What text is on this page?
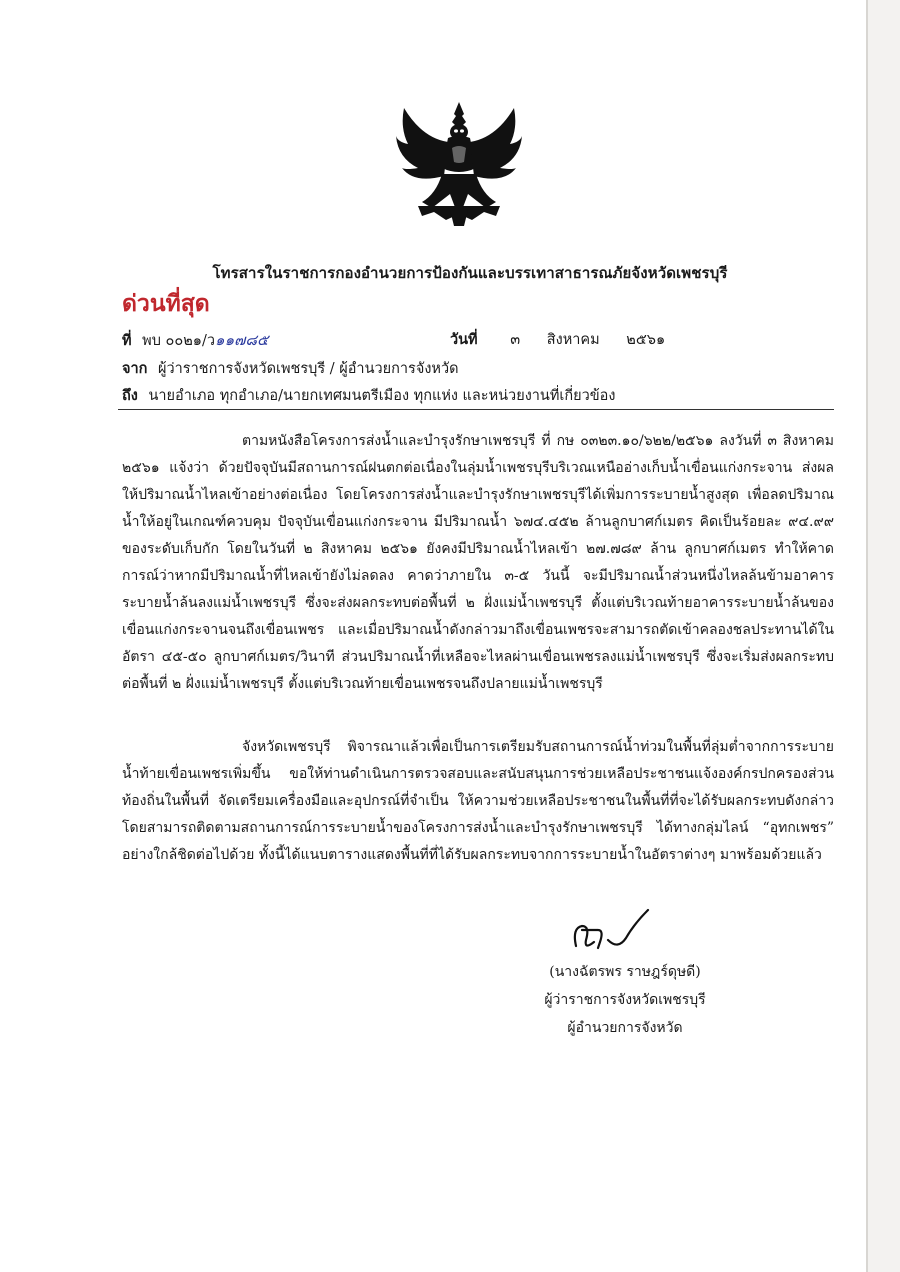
โทรสารในราชการกองอำนวยการป้องกันและบรรเทาสาธารณภัยจังหวัดเพชรบุรี
ด่วนที่สุด
ที่ พบ ๐๐๒๑/ว๑๑๗๘๕	วันที่ ๓ สิงหาคม ๒๕๖๑
จาก ผู้ว่าราชการจังหวัดเพชรบุรี / ผู้อำนวยการจังหวัด
ถึง นายอำเภอ ทุกอำเภอ/นายกเทศมนตรีเมือง ทุกแห่ง และหน่วยงานที่เกี่ยวข้อง

ตามหนังสือโครงการส่งน้ำและบำรุงรักษาเพชรบุรี ที่ กษ ๐๓๒๓.๑๐/๖๒๒/๒๕๖๑ ลงวันที่ ๓ สิงหาคม ๒๕๖๑ แจ้งว่า ด้วยปัจจุบันมีสถานการณ์ฝนตกต่อเนื่องในลุ่มน้ำเพชรบุรีบริเวณเหนืออ่างเก็บน้ำเขื่อนแก่งกระจาน ส่งผลให้ปริมาณน้ำไหลเข้าอย่างต่อเนื่อง โดยโครงการส่งน้ำและบำรุงรักษาเพชรบุรีได้เพิ่มการระบายน้ำสูงสุด เพื่อลดปริมาณน้ำให้อยู่ในเกณฑ์ควบคุม ปัจจุบันเขื่อนแก่งกระจาน มีปริมาณน้ำ ๖๗๔.๔๕๒ ล้านลูกบาศก์เมตร คิดเป็นร้อยละ ๙๔.๙๙ ของระดับเก็บกัก โดยในวันที่ ๒ สิงหาคม ๒๕๖๑ ยังคงมีปริมาณน้ำไหลเข้า ๒๗.๗๘๙ ล้าน ลูกบาศก์เมตร ทำให้คาดการณ์ว่าหากมีปริมาณน้ำที่ไหลเข้ายังไม่ลดลง คาดว่าภายใน ๓-๕ วันนี้ จะมีปริมาณน้ำส่วนหนึ่งไหลล้นข้ามอาคารระบายน้ำล้นลงแม่น้ำเพชรบุรี ซึ่งจะส่งผลกระทบต่อพื้นที่ ๒ ฝั่งแม่น้ำเพชรบุรี ตั้งแต่บริเวณท้ายอาคารระบายน้ำล้นของเขื่อนแก่งกระจานจนถึงเขื่อนเพชร และเมื่อปริมาณน้ำดังกล่าวมาถึงเขื่อนเพชรจะสามารถตัดเข้าคลองชลประทานได้ในอัตรา ๔๕-๕๐ ลูกบาศก์เมตร/วินาที ส่วนปริมาณน้ำที่เหลือจะไหลผ่านเขื่อนเพชรลงแม่น้ำเพชรบุรี ซึ่งจะเริ่มส่งผลกระทบต่อพื้นที่ ๒ ฝั่งแม่น้ำเพชรบุรี ตั้งแต่บริเวณท้ายเขื่อนเพชรจนถึงปลายแม่น้ำเพชรบุรี

จังหวัดเพชรบุรี พิจารณาแล้วเพื่อเป็นการเตรียมรับสถานการณ์น้ำท่วมในพื้นที่ลุ่มต่ำจากการระบายน้ำท้ายเขื่อนเพชรเพิ่มขึ้น ขอให้ท่านดำเนินการตรวจสอบและสนับสนุนการช่วยเหลือประชาชนแจ้งองค์กรปกครองส่วนท้องถิ่นในพื้นที่ จัดเตรียมเครื่องมือและอุปกรณ์ที่จำเป็น ให้ความช่วยเหลือประชาชนในพื้นที่ที่จะได้รับผลกระทบดังกล่าว โดยสามารถติดตามสถานการณ์การระบายน้ำของโครงการส่งน้ำและบำรุงรักษาเพชรบุรี ได้ทางกลุ่มไลน์ “อุทกเพชร” อย่างใกล้ชิดต่อไปด้วย ทั้งนี้ได้แนบตารางแสดงพื้นที่ที่ได้รับผลกระทบจากการระบายน้ำในอัตราต่างๆ มาพร้อมด้วยแล้ว

(นางฉัตรพร ราษฎร์ดุษดี)
ผู้ว่าราชการจังหวัดเพชรบุรี
ผู้อำนวยการจังหวัด
